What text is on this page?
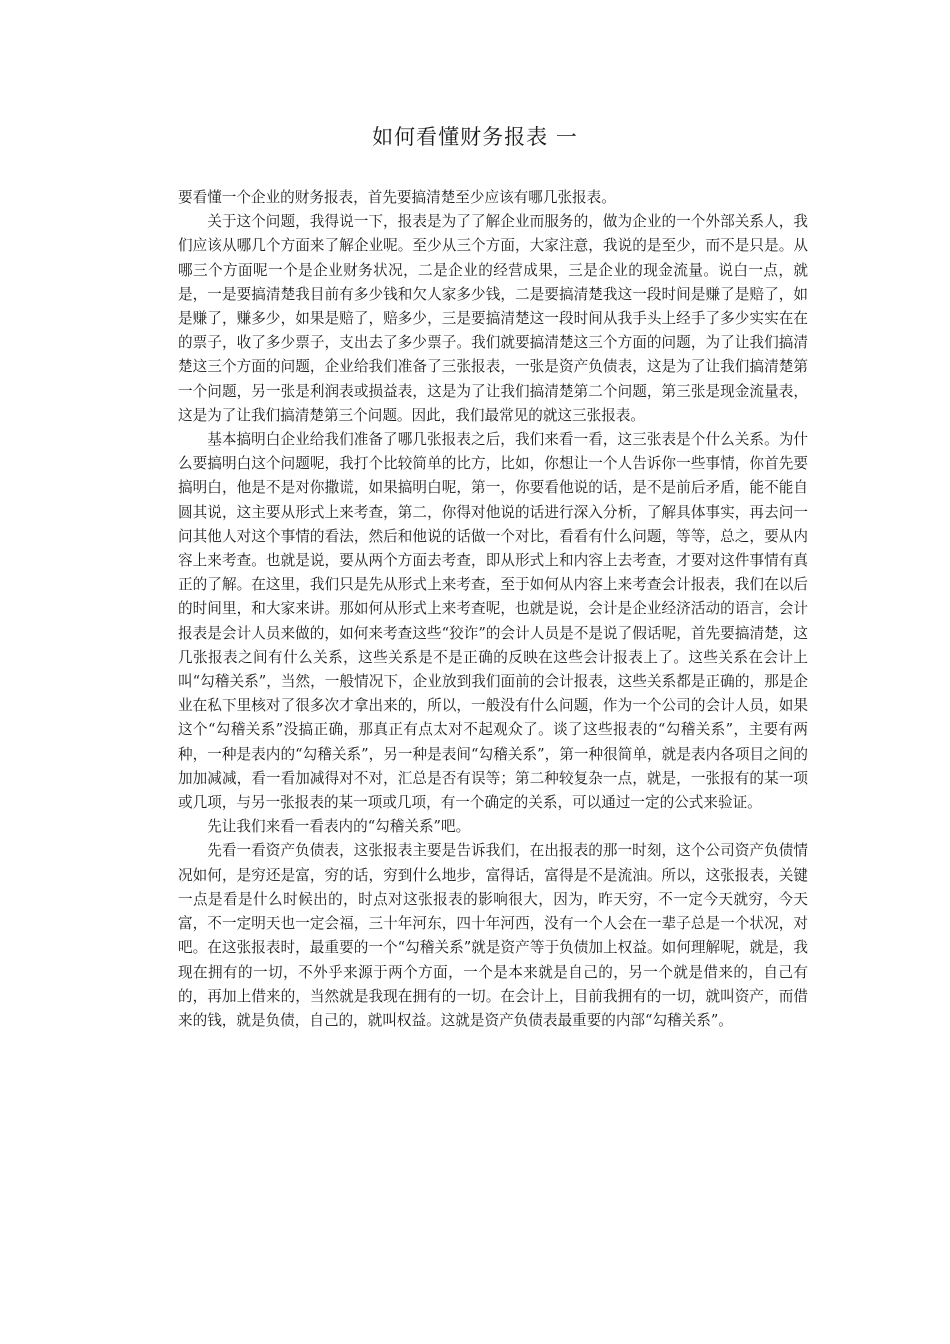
如何看懂财务报表 一

要看懂一个企业的财务报表，首先要搞清楚至少应该有哪几张报表。

关于这个问题，我得说一下，报表是为了了解企业而服务的，做为企业的一个外部关系人，我们应该从哪几个方面来了解企业呢。至少从三个方面，大家注意，我说的是至少，而不是只是。从哪三个方面呢一个是企业财务状况，二是企业的经营成果，三是企业的现金流量。说白一点，就是，一是要搞清楚我目前有多少钱和欠人家多少钱，二是要搞清楚我这一段时间是赚了是赔了，如是赚了，赚多少，如果是赔了，赔多少，三是要搞清楚这一段时间从我手头上经手了多少实实在在的票子，收了多少票子，支出去了多少票子。我们就要搞清楚这三个方面的问题，为了让我们搞清楚这三个方面的问题，企业给我们准备了三张报表，一张是资产负债表，这是为了让我们搞清楚第一个问题，另一张是利润表或损益表，这是为了让我们搞清楚第二个问题，第三张是现金流量表，这是为了让我们搞清楚第三个问题。因此，我们最常见的就这三张报表。

基本搞明白企业给我们准备了哪几张报表之后，我们来看一看，这三张表是个什么关系。为什么要搞明白这个问题呢，我打个比较简单的比方，比如，你想让一个人告诉你一些事情，你首先要搞明白，他是不是对你撒谎，如果搞明白呢，第一，你要看他说的话，是不是前后矛盾，能不能自圆其说，这主要从形式上来考查，第二，你得对他说的话进行深入分析，了解具体事实，再去问一问其他人对这个事情的看法，然后和他说的话做一个对比，看看有什么问题，等等，总之，要从内容上来考查。也就是说，要从两个方面去考查，即从形式上和内容上去考查，才要对这件事情有真正的了解。在这里，我们只是先从形式上来考查，至于如何从内容上来考查会计报表，我们在以后的时间里，和大家来讲。那如何从形式上来考查呢，也就是说，会计是企业经济活动的语言，会计报表是会计人员来做的，如何来考查这些“狡诈”的会计人员是不是说了假话呢，首先要搞清楚，这几张报表之间有什么关系，这些关系是不是正确的反映在这些会计报表上了。这些关系在会计上叫“勾稽关系”，当然，一般情况下，企业放到我们面前的会计报表，这些关系都是正确的，那是企业在私下里核对了很多次才拿出来的，所以，一般没有什么问题，作为一个公司的会计人员，如果这个“勾稽关系”没搞正确，那真正有点太对不起观众了。谈了这些报表的“勾稽关系”，主要有两种，一种是表内的“勾稽关系”，另一种是表间“勾稽关系”，第一种很简单，就是表内各项目之间的加加减减，看一看加减得对不对，汇总是否有误等；第二种较复杂一点，就是，一张报有的某一项或几项，与另一张报表的某一项或几项，有一个确定的关系，可以通过一定的公式来验证。

先让我们来看一看表内的“勾稽关系”吧。

先看一看资产负债表，这张报表主要是告诉我们，在出报表的那一时刻，这个公司资产负债情况如何，是穷还是富，穷的话，穷到什么地步，富得话，富得是不是流油。所以，这张报表，关键一点是看是什么时候出的，时点对这张报表的影响很大，因为，昨天穷，不一定今天就穷，今天富，不一定明天也一定会福，三十年河东，四十年河西，没有一个人会在一辈子总是一个状况，对吧。在这张报表时，最重要的一个“勾稽关系”就是资产等于负债加上权益。如何理解呢，就是，我现在拥有的一切，不外乎来源于两个方面，一个是本来就是自己的，另一个就是借来的，自己有的，再加上借来的，当然就是我现在拥有的一切。在会计上，目前我拥有的一切，就叫资产，而借来的钱，就是负债，自己的，就叫权益。这就是资产负债表最重要的内部“勾稽关系”。
